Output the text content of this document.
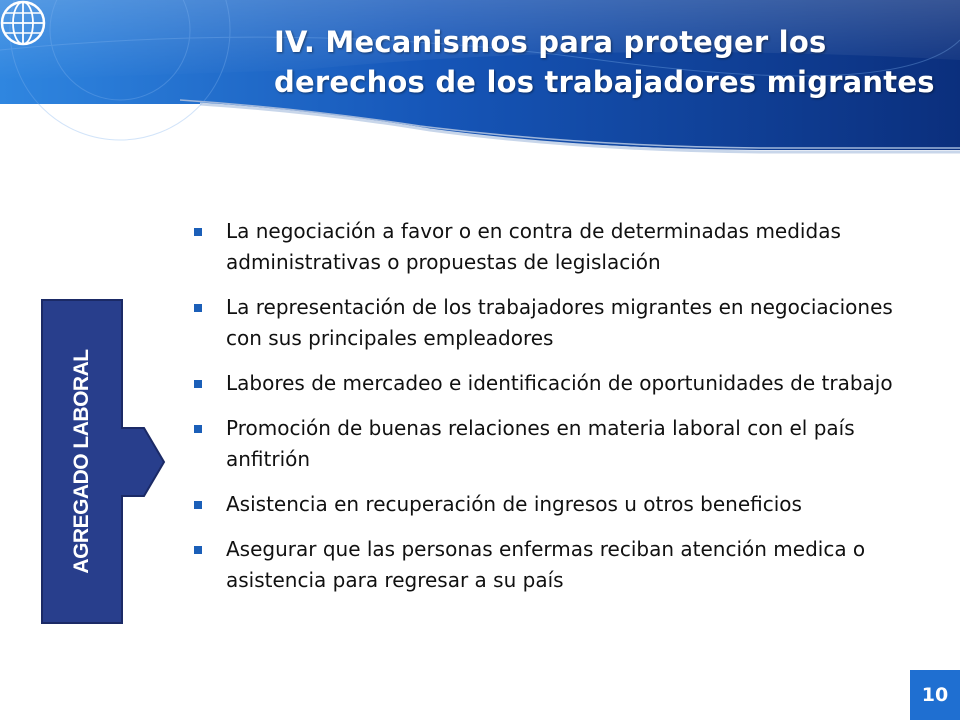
IV. Mecanismos para proteger los
derechos de los trabajadores migrantes
AGREGADO LABORAL
La negociación a favor o en contra de determinadas medidas administrativas o propuestas de legislación
La representación de los trabajadores migrantes en negociaciones con sus principales empleadores
Labores de mercadeo e identificación de oportunidades de trabajo
Promoción de buenas relaciones en materia laboral con el país anfitrión
Asistencia en recuperación de ingresos u otros beneficios
Asegurar que las personas enfermas reciban atención medica o asistencia para regresar a su país
10
